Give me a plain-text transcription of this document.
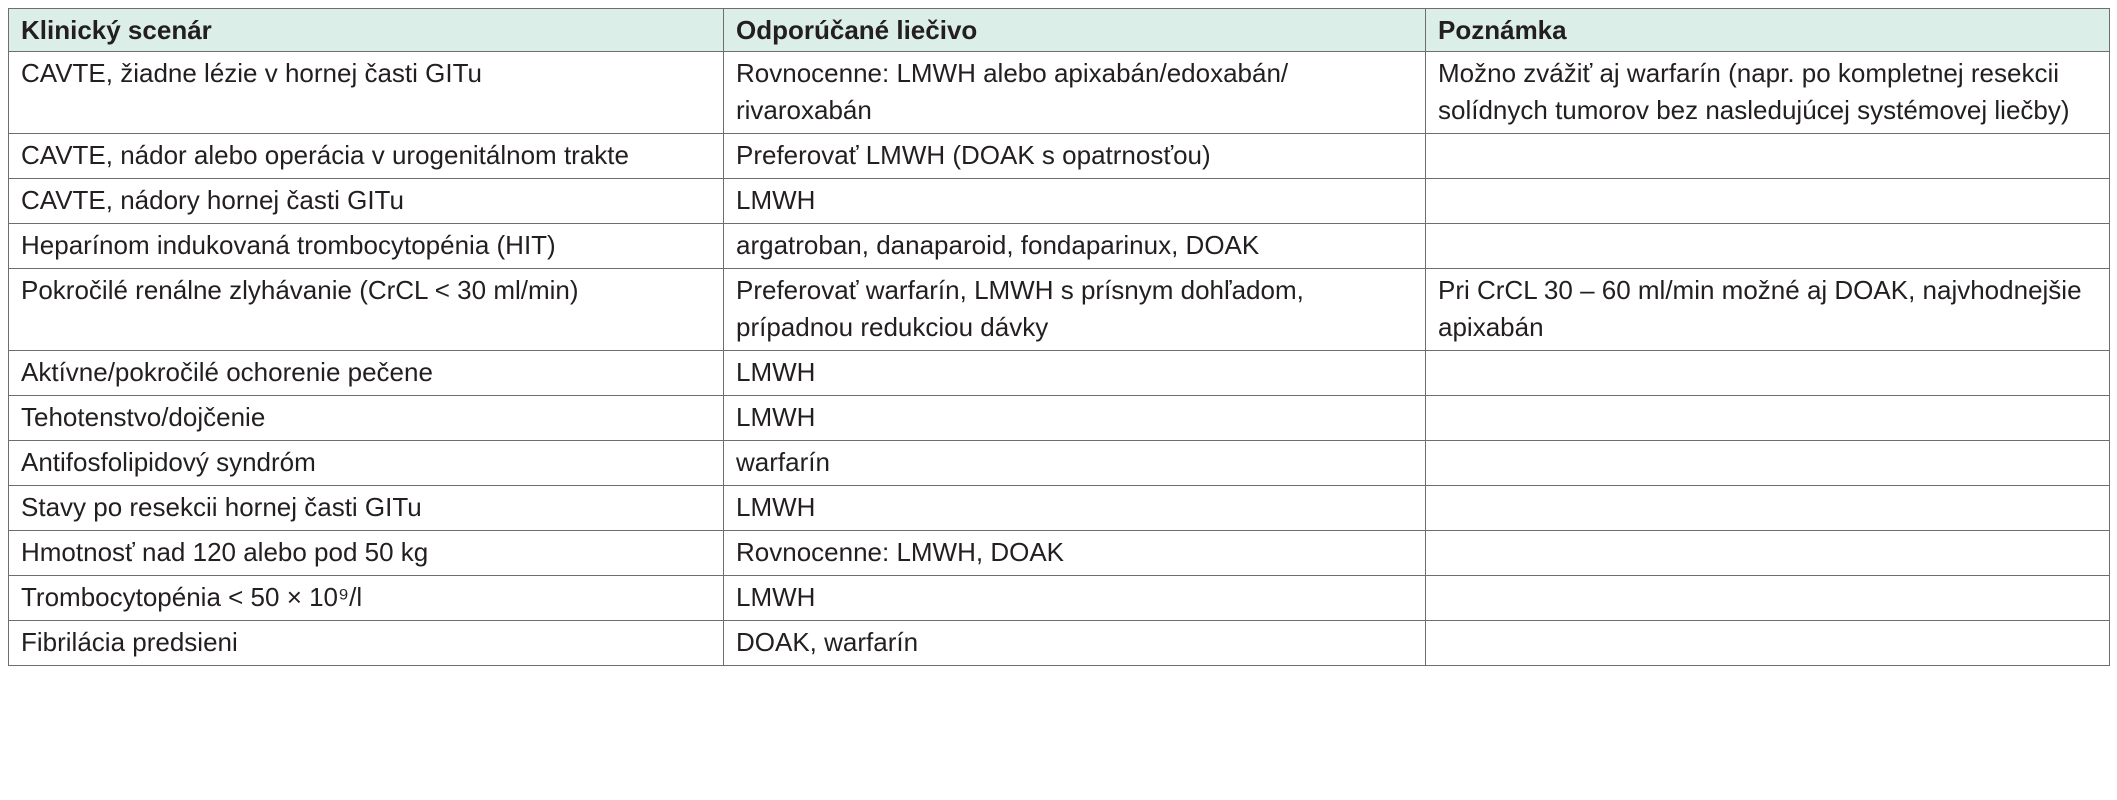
Klinický scenár	Odporúčané liečivo	Poznámka
CAVTE, žiadne lézie v hornej časti GITu	Rovnocenne: LMWH alebo apixabán/edoxabán/ rivaroxabán	Možno zvážiť aj warfarín (napr. po kompletnej resekcii solídnych tumorov bez nasledujúcej systémovej liečby)
CAVTE, nádor alebo operácia v urogenitálnom trakte	Preferovať LMWH (DOAK s opatrnosťou)	
CAVTE, nádory hornej časti GITu	LMWH	
Heparínom indukovaná trombocytopénia (HIT)	argatroban, danaparoid, fondaparinux, DOAK	
Pokročilé renálne zlyhávanie (CrCL < 30 ml/min)	Preferovať warfarín, LMWH s prísnym dohľadom, prípadnou redukciou dávky	Pri CrCL 30 – 60 ml/min možné aj DOAK, najvhodnejšie apixabán
Aktívne/pokročilé ochorenie pečene	LMWH	
Tehotenstvo/dojčenie	LMWH	
Antifosfolipidový syndróm	warfarín	
Stavy po resekcii hornej časti GITu	LMWH	
Hmotnosť nad 120 alebo pod 50 kg	Rovnocenne: LMWH, DOAK	
Trombocytopénia < 50 × 10⁹/l	LMWH	
Fibrilácia predsieni	DOAK, warfarín	
